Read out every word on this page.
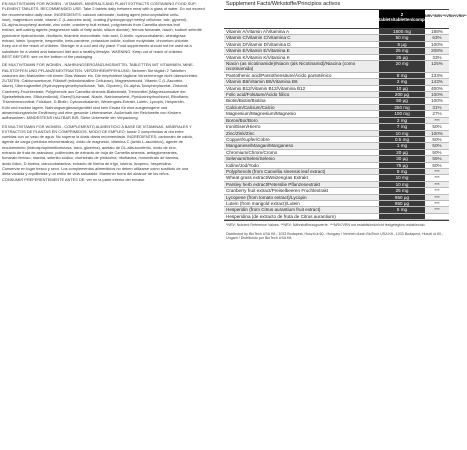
EN MULTIVITAMIN FOR WOMEN - VITAMINS, MINERALS AND PLANT EXTRACTS CONTAINING FOOD SUP-
PLEMENT TABLETS. RECOMMENDED USE: Take 2 tablets daily between meal with a glass of water. Do not exceed
the recommended daily dose. INGREDIENTS: calcium carbonate, bulking agent (microcrystalline cellu-
lose), magnesium oxide, vitamin C (L-ascorbic acid), coating (hydroxypropyl methyl cellulose, talc, glycerol),
DL-alpha-tocopheryl acetate, zinc oxide, cranberry fruit extract, polyphenols from Camellia sinensis leaf
extract, anti-caking agents (magnesium salts of fatty acids, silicon dioxide), ferrous fumarate, niacin, sodium selenite
pyridoxine hydrochloride, riboflavin, thiamine mononitrate, folic acid, D-biotin, cyanocobalamin, wheatgrass
extract, lutein, lycopene, hesperidin, beta-carotene, potassium iodide, sodium molybdate, chromium chloride.
Keep out of the reach of children. Storage: in a cool and dry place. Food supplements should not be used as a
substitute for a varied and balanced diet and a healthy lifestyle. WARNING: Keep out of reach of children.
BEST BEFORE: see on the bottom of the packaging.
DE MULTIVITAMIN FOR WOMEN - NAHRUNGSERGÄNZUNGSMITTEL TABLETTEN MIT VITAMINEN, MINE-
RALSTOFFEN UND PFLANZENEXTRAKTEN. VERZEHREMPFEHLUNG: Nehmen Sie täglich 2 Tabletten
zwischen den Mahlzeiten mit einem Glas Wasser ein. Die empfohlene tägliche Verzehrmenge nicht überschreiten.
ZUTATEN: Calciumcarbonat, Füllstoff (mikrokristalline Cellulose), Magnesiumoxid, Vitamin C (L-Ascorbin-
säure), Überzugsmittel (Hydroxypropylmethylcellulose, Talk, Glycerin), DL-alpha-Tocopherylacetat, Zinkoxid,
Cranberry-Fruchtextrakt, Polyphenole aus Camellia sinensis Blattextrakt, Trennmittel (Magnesiumsalze der
Speisefettsäuren, Siliciumdioxid), Eisen(II)-fumarat, Niacin, Natriumselenit, Pyridoxinhydrochlorid, Riboflavin,
Thiaminmononitrat, Folsäure, D-Biotin, Cyanocobalamin, Weizengras-Extrakt, Lutein, Lycopin, Hesperidin.
Kühl und trocken lagern. Nahrungsergänzungsmittel sind kein Ersatz für eine ausgewogene und
abwechslungsreiche Ernährung und eine gesunde Lebensweise. Außerhalb der Reichweite von Kindern
aufbewahren. MINDESTENS HALTBAR BIS: Siehe Unterseite der Verpackung.
ES MULTIVITAMIN FOR WOMEN - COMPLEMENTO ALIMENTICIO A BASE DE VITAMINAS, MINERALES Y
EXTRACTOS DE PLANTAS EN COMPRIMIDOS. MODO DE EMPLEO: tomar 2 comprimidos al día entre
comidas con un vaso de agua. No superar la dosis diaria recomendada. INGREDIENTES: carbonato de calcio,
agente de carga (celulosa microcristalina), óxido de magnesio, vitamina C (ácido L-ascórbico), agente de
recubrimiento (hidroxipropilmetilcelulosa, talco, glicerina), acetato de DL-alfa-tocoferilo, óxido de zinc,
extracto de fruta de arándano, polifenoles de extracto de hoja de Camellia sinensis, antiaglomerantes,
fumarato ferroso, niacina, selenito sódico, clorhidrato de piridoxina, riboflavina, mononitrato de tiamina,
ácido fólico, D-biotina, cianocobalamina, extracto de hierba de trigo, luteína, licopeno, hesperidina.
Conservar en lugar fresco y seco. Los complementos alimenticios no deben utilizarse como sustituto de una
dieta variada y equilibrada y un estilo de vida saludable. Mantener fuera del alcance de los niños.
CONSUMIR PREFERENTEMENTE ANTES DE: ver en la parte inferior del envase.
Supplement Facts/Wirkstoffe/Principios activos
2 tablets/tabletten/comprimidos
NRV*/NRV**/VRN*/VRN**
Vitamin A/Vitamin A/Vitamina A	1500 mg	188%
Vitamin C/Vitamin C/Vitamina C	50 mg	63%
Vitamin D/Vitamin D/Vitamina D	5 µg	100%
Vitamin E/Vitamin E/Vitamina E	25 mg	208%
Vitamin K/Vitamin K/Vitamina K	25 µg	33%
Niacin (as nicotinamide)/Niacin (als Nicotinamid)/Niacina (como nicotinamida)
20 mg	125%
Pantothenic acid/Pantothensäure/Ácido pantoténico	8 mg	133%
Vitamin B6/Vitamin B6/Vitamina B6	2 mg	143%
Vitamin B12/Vitamin B12/Vitamina B12	10 µg	400%
Folic acid/Folsäure/Ácido fólico	200 µg	100%
Biotin/Biotin/Biotina	50 µg	100%
Calcium/Calcium/Calcio	250 mg	31%
Magnesium/Magnesium/Magnesio	100 mg	27%
Boron/Bor/Boro	2 mg	***
Iron/Eisen/Hierro	7 mg	50%
Zinc/Zink/Zinc	10 mg	100%
Copper/Kupfer/Cobre	0.5 mg	50%
Manganese/Mangan/Manganeso	1 mg	50%
Chromium/Chrom/Cromo	20 µg	50%
Selenium/Selen/Selenio	30 µg	55%
Iodine/Jod/Yodo	75 µg	50%
Polyphenols (from Camellia sinensis leaf extract)	9 mg	***
Wheat grass extract/Weizengras Extrakt	10 mg	***
Parsley herb extract/Petersilie Pflanzenextrakt	10 mg	***
Cranberry fruit extract/Preiselbeeren Fruchtextrakt	25 mg	***
Lycopene (from tomato extract)/Lycopin	950 µg	***
Lutein (from marigold extract)/Lutein	950 µg	***
Hesperidin (from Citrus aurantium fruit extract)	5 mg	***
Hesperidina (de extracto de fruta de Citrus aurantium)
*NRV: Nutrient Reference Values. **NRV: Nährstoffbezugswerte. ***NRV/VRN not established/nicht festgelegt/no establecido.
Distributed by BioTech USA Kft., 1033 Budapest, Huszti út 60., Hungary / Vertrieb durch BioTech USA Kft., 1033 Budapest, Huszti út 60., Ungarn / Distribuido por BioTech USA Kft.
